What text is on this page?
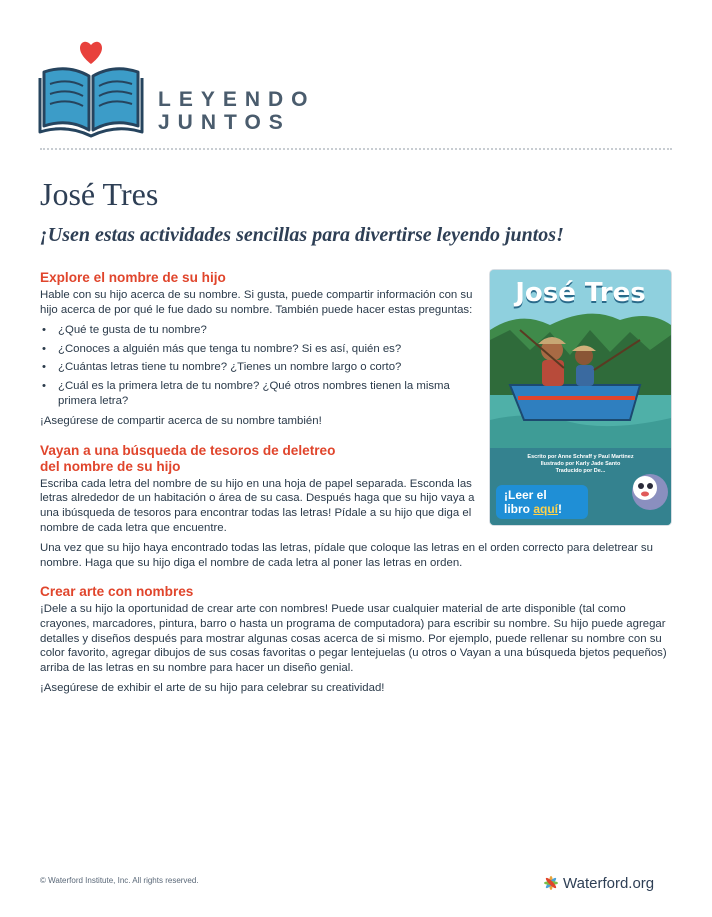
LEYENDO
JUNTOS
José Tres
¡Usen estas actividades sencillas para divertirse leyendo juntos!
Explore el nombre de su hijo

Hable con su hijo acerca de su nombre. Si gusta, puede compartir información con su hijo acerca de por qué le fue dado su nombre. También puede hacer estas preguntas:

• ¿Qué te gusta de tu nombre?
• ¿Conoces a alguién más que tenga tu nombre? Si es así, quién es?
• ¿Cuántas letras tiene tu nombre? ¿Tienes un nombre largo o corto?
• ¿Cuál es la primera letra de tu nombre? ¿Qué otros nombres tienen la misma primera letra?

¡Asegúrese de compartir acerca de su nombre también!

Vayan a una búsqueda de tesoros de deletreo
del nombre de su hijo

Escriba cada letra del nombre de su hijo en una hoja de papel separada. Esconda las letras alrededor de un habitación o área de su casa. Después haga que su hijo vaya a una ibúsqueda de tesoros para encontrar todas las letras! Pídale a su hijo que diga el nombre de cada letra que encuentre.

Una vez que su hijo haya encontrado todas las letras, pídale que coloque las letras en el orden correcto para deletrear su nombre. Haga que su hijo diga el nombre de cada letra al poner las letras en orden.

Crear arte con nombres

¡Dele a su hijo la oportunidad de crear arte con nombres! Puede usar cualquier material de arte disponible (tal como crayones, marcadores, pintura, barro o hasta un programa de computadora) para escribir su nombre. Su hijo puede agregar detalles y diseños después para mostrar algunas cosas acerca de si mismo. Por ejemplo, puede rellenar su nombre con su color favorito, agregar dibujos de sus cosas favoritas o pegar lentejuelas (u otros o Vayan a una búsqueda bjetos pequeños) arriba de las letras en su nombre para hacer un diseño genial.

¡Asegúrese de exhibir el arte de su hijo para celebrar su creatividad!

José Tres
Escrito por Anne Schraff y Paul Martinez
Ilustrado por Karly Jade Santo
Traducido por De...
¡Leer el
libro aquí!
© Waterford Institute, Inc. All rights reserved.	Waterford.org
